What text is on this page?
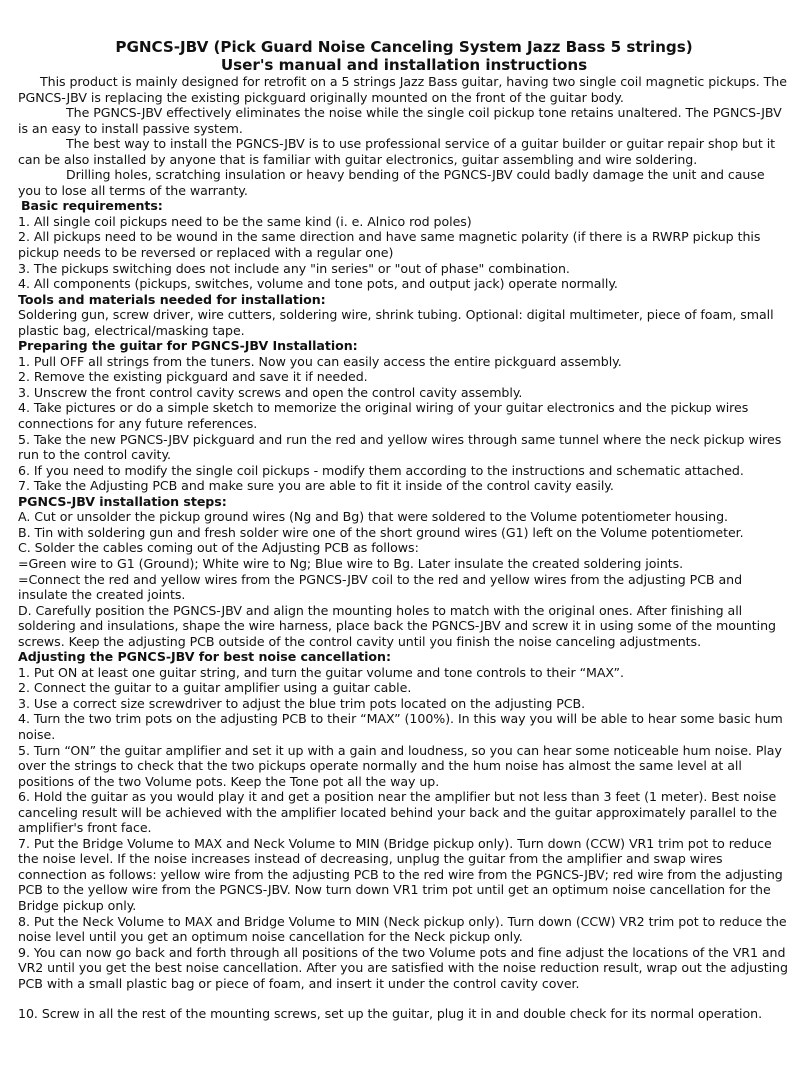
PGNCS-JBV (Pick Guard Noise Canceling System Jazz Bass 5 strings)
User's manual and installation instructions

This product is mainly designed for retrofit on a 5 strings Jazz Bass guitar, having two single coil magnetic pickups. The PGNCS-JBV is replacing the existing pickguard originally mounted on the front of the guitar body.

The PGNCS-JBV effectively eliminates the noise while the single coil pickup tone retains unaltered. The PGNCS-JBV is an easy to install passive system.

The best way to install the PGNCS-JBV is to use professional service of a guitar builder or guitar repair shop but it can be also installed by anyone that is familiar with guitar electronics, guitar assembling and wire soldering.

Drilling holes, scratching insulation or heavy bending of the PGNCS-JBV could badly damage the unit and cause you to lose all terms of the warranty.

Basic requirements:

1. All single coil pickups need to be the same kind (i. e. Alnico rod poles)

2. All pickups need to be wound in the same direction and have same magnetic polarity (if there is a RWRP pickup this pickup needs to be reversed or replaced with a regular one)

3. The pickups switching does not include any "in series" or "out of phase" combination.

4. All components (pickups, switches, volume and tone pots, and output jack) operate normally.

Tools and materials needed for installation:

Soldering gun, screw driver, wire cutters, soldering wire, shrink tubing. Optional: digital multimeter, piece of foam, small plastic bag, electrical/masking tape.

Preparing the guitar for PGNCS-JBV Installation:

1. Pull OFF all strings from the tuners. Now you can easily access the entire pickguard assembly.

2. Remove the existing pickguard and save it if needed.

3. Unscrew the front control cavity screws and open the control cavity assembly.

4. Take pictures or do a simple sketch to memorize the original wiring of your guitar electronics and the pickup wires connections for any future references.

5. Take the new PGNCS-JBV pickguard and run the red and yellow wires through same tunnel where the neck pickup wires run to the control cavity.

6. If you need to modify the single coil pickups - modify them according to the instructions and schematic attached.

7. Take the Adjusting PCB and make sure you are able to fit it inside of the control cavity easily.

PGNCS-JBV installation steps:

A. Cut or unsolder the pickup ground wires (Ng and Bg) that were soldered to the Volume potentiometer housing.

B. Tin with soldering gun and fresh solder wire one of the short ground wires (G1) left on the Volume potentiometer.

C. Solder the cables coming out of the Adjusting PCB as follows:

=Green wire to G1 (Ground); White wire to Ng; Blue wire to Bg. Later insulate the created soldering joints.

=Connect the red and yellow wires from the PGNCS-JBV coil to the red and yellow wires from the adjusting PCB and insulate the created joints.

D. Carefully position the PGNCS-JBV and align the mounting holes to match with the original ones. After finishing all soldering and insulations, shape the wire harness, place back the PGNCS-JBV and screw it in using some of the mounting screws. Keep the adjusting PCB outside of the control cavity until you finish the noise canceling adjustments.

Adjusting the PGNCS-JBV for best noise cancellation:

1. Put ON at least one guitar string, and turn the guitar volume and tone controls to their “MAX”.

2. Connect the guitar to a guitar amplifier using a guitar cable.

3. Use a correct size screwdriver to adjust the blue trim pots located on the adjusting PCB.

4. Turn the two trim pots on the adjusting PCB to their “MAX” (100%). In this way you will be able to hear some basic hum noise.

5. Turn “ON” the guitar amplifier and set it up with a gain and loudness, so you can hear some noticeable hum noise. Play over the strings to check that the two pickups operate normally and the hum noise has almost the same level at all positions of the two Volume pots. Keep the Tone pot all the way up.

6. Hold the guitar as you would play it and get a position near the amplifier but not less than 3 feet (1 meter). Best noise canceling result will be achieved with the amplifier located behind your back and the guitar approximately parallel to the amplifier's front face.

7. Put the Bridge Volume to MAX and Neck Volume to MIN (Bridge pickup only). Turn down (CCW) VR1 trim pot to reduce the noise level. If the noise increases instead of decreasing, unplug the guitar from the amplifier and swap wires connection as follows: yellow wire from the adjusting PCB to the red wire from the PGNCS-JBV; red wire from the adjusting PCB to the yellow wire from the PGNCS-JBV. Now turn down VR1 trim pot until get an optimum noise cancellation for the Bridge pickup only.

8. Put the Neck Volume to MAX and Bridge Volume to MIN (Neck pickup only). Turn down (CCW) VR2 trim pot to reduce the noise level until you get an optimum noise cancellation for the Neck pickup only.

9. You can now go back and forth through all positions of the two Volume pots and fine adjust the locations of the VR1 and VR2 until you get the best noise cancellation. After you are satisfied with the noise reduction result, wrap out the adjusting PCB with a small plastic bag or piece of foam, and insert it under the control cavity cover.

10. Screw in all the rest of the mounting screws, set up the guitar, plug it in and double check for its normal operation.
